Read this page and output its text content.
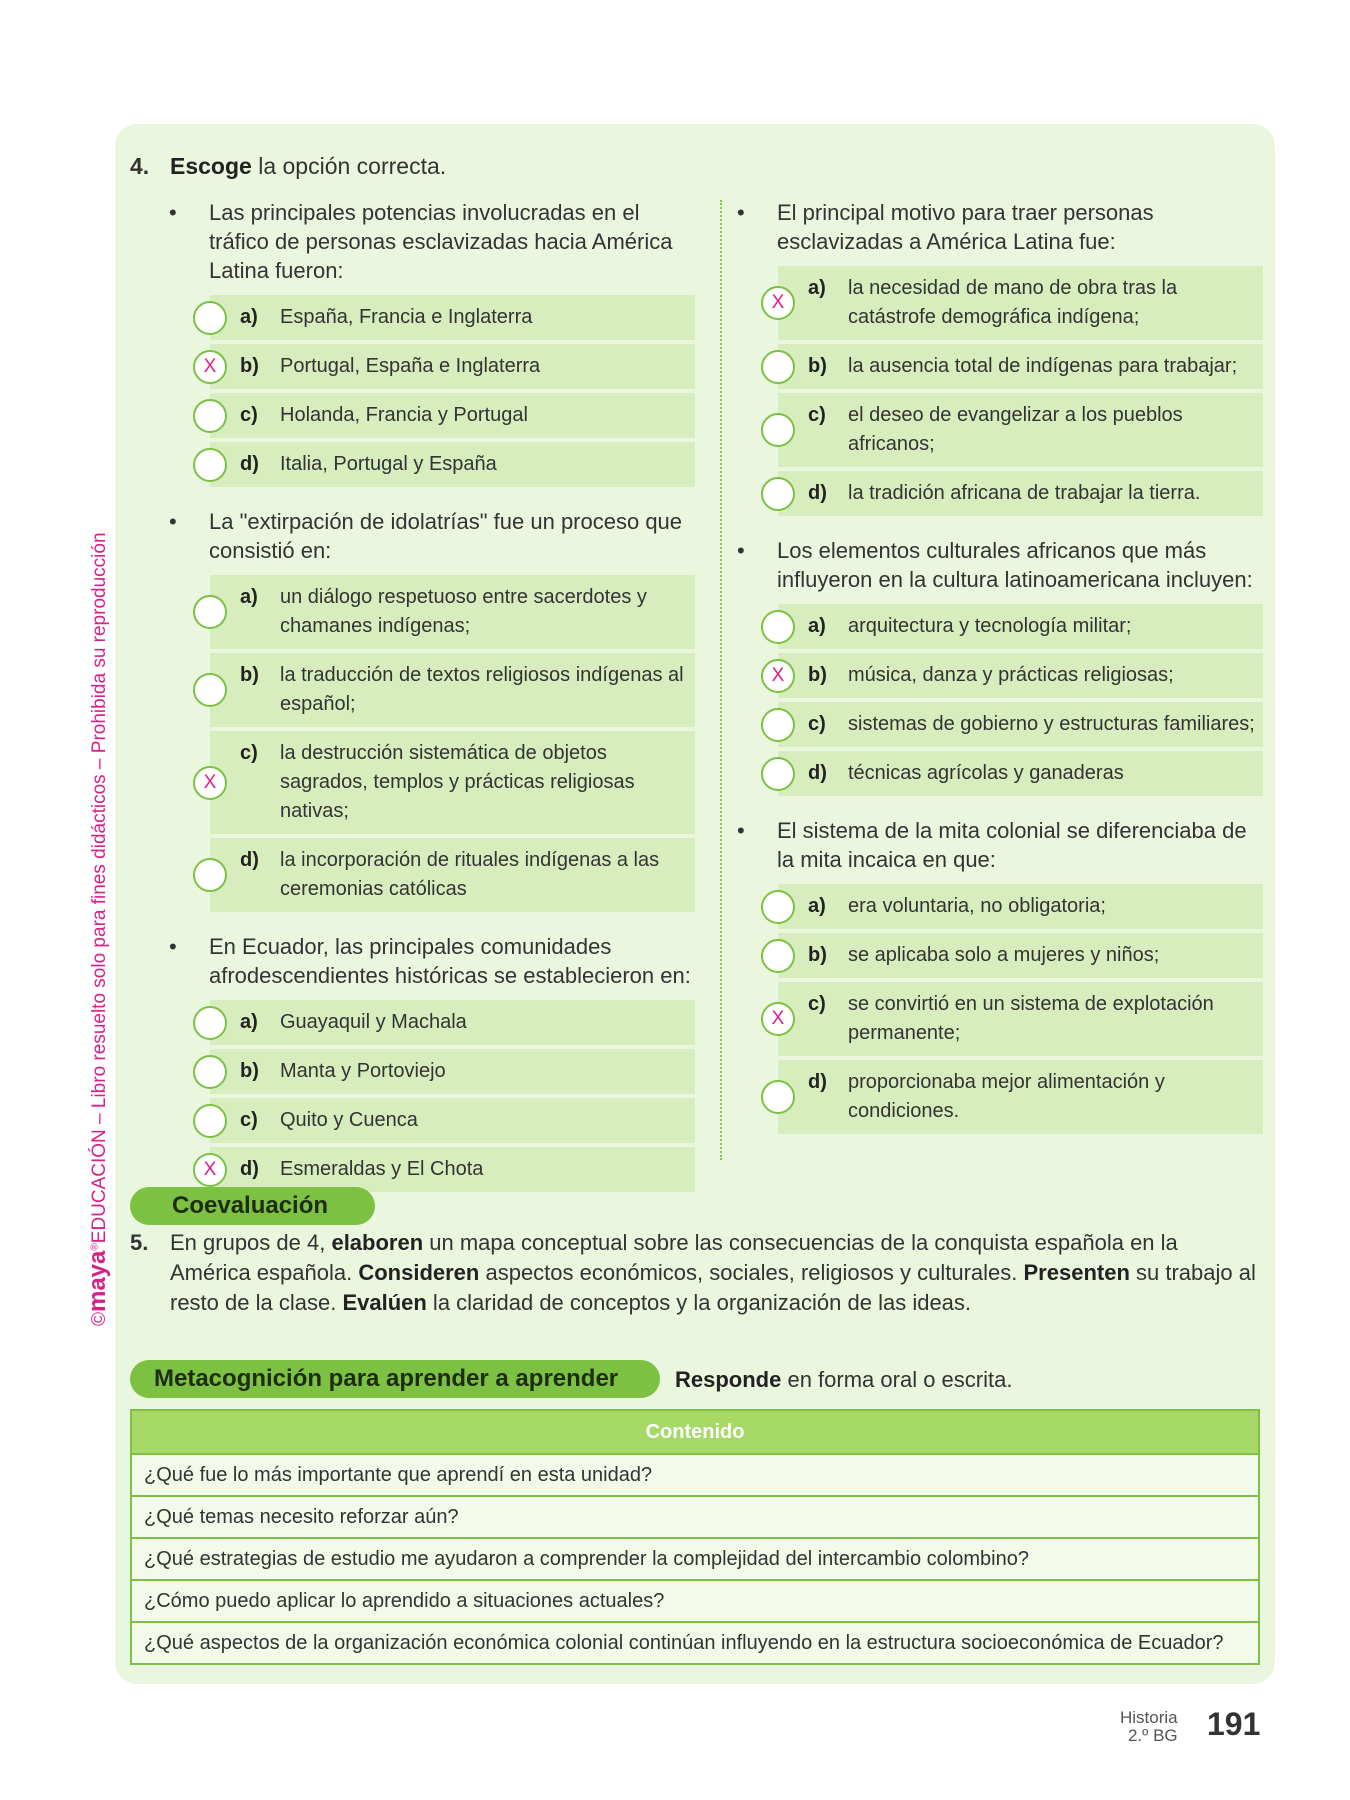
©maya®EDUCACIÓN – Libro resuelto solo para fines didácticos – Prohibida su reproducción
4. Escoge la opción correcta.
• Las principales potencias involucradas en el tráfico de personas esclavizadas hacia América Latina fueron:
a)	España, Francia e Inglaterra
X	b)	Portugal, España e Inglaterra
c)	Holanda, Francia y Portugal
d)	Italia, Portugal y España
• La "extirpación de idolatrías" fue un proceso que consistió en:
a)	un diálogo respetuoso entre sacerdotes y chamanes indígenas;
b)	la traducción de textos religiosos indígenas al español;
X
c)	la destrucción sistemática de objetos sagrados, templos y prácticas religiosas nativas;
d)	la incorporación de rituales indígenas a las ceremonias católicas
• En Ecuador, las principales comunidades afrodescendientes históricas se establecieron en:
a)	Guayaquil y Machala
b)	Manta y Portoviejo
c)	Quito y Cuenca
X	d)	Esmeraldas y El Chota
• El principal motivo para traer personas esclavizadas a América Latina fue:
X
a)	la necesidad de mano de obra tras la catástrofe demográfica indígena;
b)	la ausencia total de indígenas para trabajar;
c)	el deseo de evangelizar a los pueblos africanos;
d)	la tradición africana de trabajar la tierra.
• Los elementos culturales africanos que más influyeron en la cultura latinoamericana incluyen:
a)	arquitectura y tecnología militar;
X	b)	música, danza y prácticas religiosas;
c)	sistemas de gobierno y estructuras familiares;
d)	técnicas agrícolas y ganaderas
• El sistema de la mita colonial se diferenciaba de la mita incaica en que:
a)	era voluntaria, no obligatoria;
b)	se aplicaba solo a mujeres y niños;
X
c)	se convirtió en un sistema de explotación permanente;
d)	proporcionaba mejor alimentación y condiciones.
Coevaluación
5. En grupos de 4, elaboren un mapa conceptual sobre las consecuencias de la conquista española en la América española. Consideren aspectos económicos, sociales, religiosos y culturales. Presenten su trabajo al resto de la clase. Evalúen la claridad de conceptos y la organización de las ideas.
Metacognición para aprender a aprender	Responde en forma oral o escrita.
Contenido
¿Qué fue lo más importante que aprendí en esta unidad?
¿Qué temas necesito reforzar aún?
¿Qué estrategias de estudio me ayudaron a comprender la complejidad del intercambio colombino?
¿Cómo puedo aplicar lo aprendido a situaciones actuales?
¿Qué aspectos de la organización económica colonial continúan influyendo en la estructura socioeconómica de Ecuador?
Historia
2.º BG 191
